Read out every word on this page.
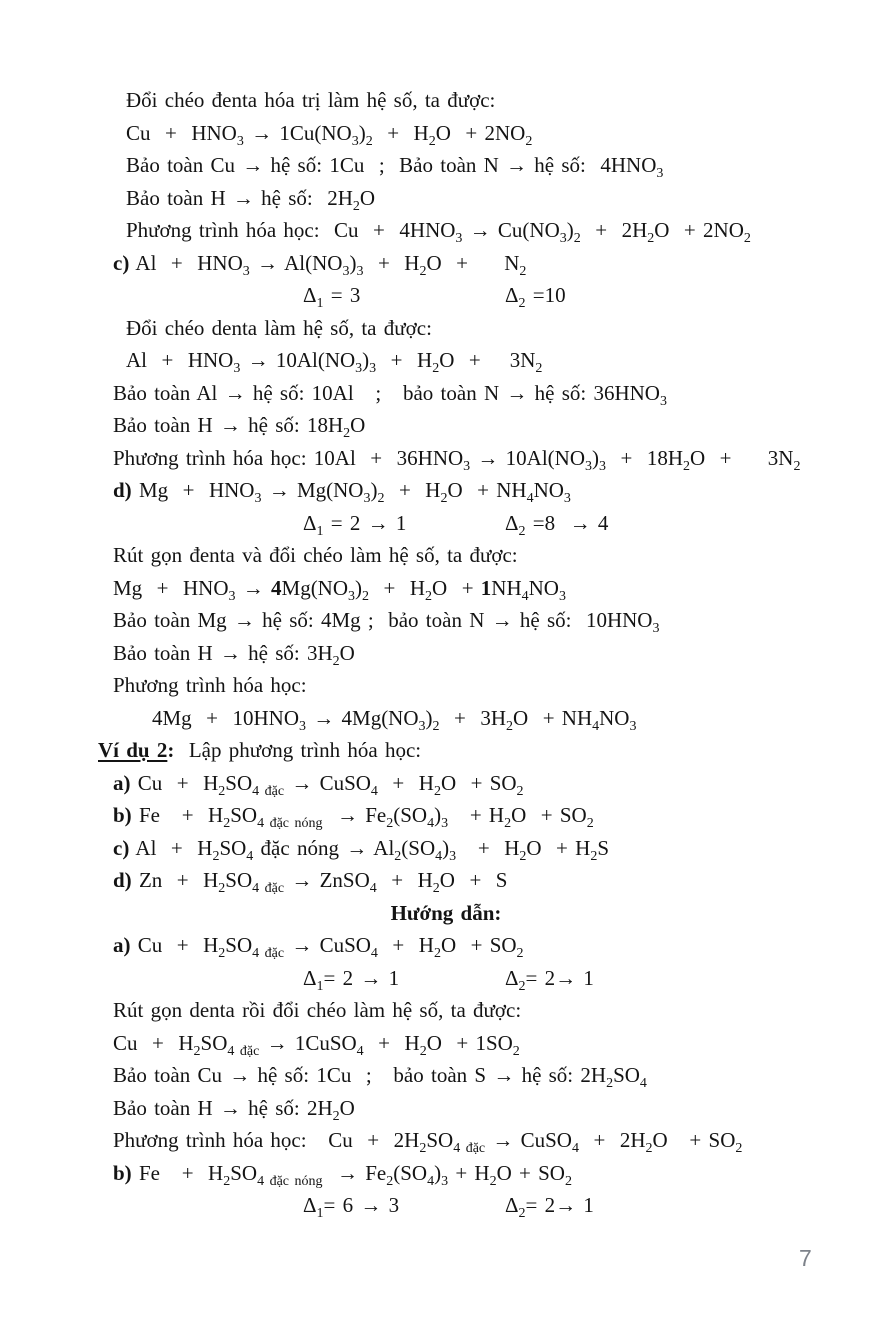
Đổi chéo đenta hóa trị làm hệ số, ta được:
$Cu + HNO_3 \to 1Cu(NO_3)_2 + H_2O + 2NO_2$
Bảo toàn Cu → hệ số: 1Cu  ;  Bảo toàn N → hệ số:  $4HNO_3$
Bảo toàn H → hệ số:  $2H_2O$
Phương trình hóa học:  $Cu + 4HNO_3 \to Cu(NO_3)_2 + 2H_2O + 2NO_2$
c) $Al + HNO_3 \to Al(NO_3)_3 + H_2O$  +     $N_2$
$\Delta_1 = 3$	$\Delta_2 =10$
Đổi chéo denta làm hệ số, ta được:
$Al + HNO_3 \to 10Al(NO_3)_3 + H_2O$  +    $3N_2$
Bảo toàn Al → hệ số: 10Al   ;   bảo toàn N → hệ số: $36HNO_3$
Bảo toàn H → hệ số: $18H_2O$
Phương trình hóa học: $10Al + 36HNO_3 \to 10Al(NO_3)_3 + 18H_2O$  +     $3N_2$
d) $Mg + HNO_3 \to Mg(NO_3)_2 + H_2O + NH_4NO_3$
$\Delta_1 = 2 \to 1$	$\Delta_2 =8 \to 4$
Rút gọn đenta và đổi chéo làm hệ số, ta được:
$Mg + HNO_3 \to 4Mg(NO_3)_2 + H_2O + 1NH_4NO_3$
Bảo toàn Mg → hệ số: 4Mg ;  bảo toàn N → hệ số:  $10HNO_3$
Bảo toàn H → hệ số: $3H_2O$
Phương trình hóa học:
$4Mg + 10HNO_3 \to 4Mg(NO_3)_2 + 3H_2O + NH_4NO_3$
Ví dụ 2:  Lập phương trình hóa học:
a) $Cu + H_2SO_{4 đặc}$ → CuSO$_4$  +  $H_2O + SO_2$
b) $Fe + H_2SO_{4 đặc nóng} \to Fe_2(SO_4)_3 + H_2O + SO_2$
c) $Al + H_2SO_4$ đặc nóng → $Al_2(SO_4)_3 + H_2O + H_2S$
d) $Zn + H_2SO_{4 đặc}$ → ZnSO$_4$  +  $H_2O + S$
Hướng dẫn:
a) $Cu + H_2SO_{4 đặc}$ → CuSO$_4$  +  $H_2O + SO_2$
$\Delta_1= 2 \to 1$	$\Delta_2= 2\to 1$
Rút gọn denta rồi đổi chéo làm hệ số, ta được:
$Cu + H_2SO_{4 đặc}$ → 1CuSO$_4$  +  $H_2O + 1SO_2$
Bảo toàn Cu → hệ số: 1Cu  ;   bảo toàn S → hệ số: $2H_2SO_4$
Bảo toàn H → hệ số: $2H_2O$
Phương trình hóa học:   $Cu + 2H_2SO_{4 đặc}$ → CuSO$_4$  +  $2H_2O + SO_2$
b) $Fe + H_2SO_{4 đặc nóng} \to Fe_2(SO_4)_3 + H_2O + SO_2$
$\Delta_1= 6 \to 3$	$\Delta_2= 2\to 1$
7
